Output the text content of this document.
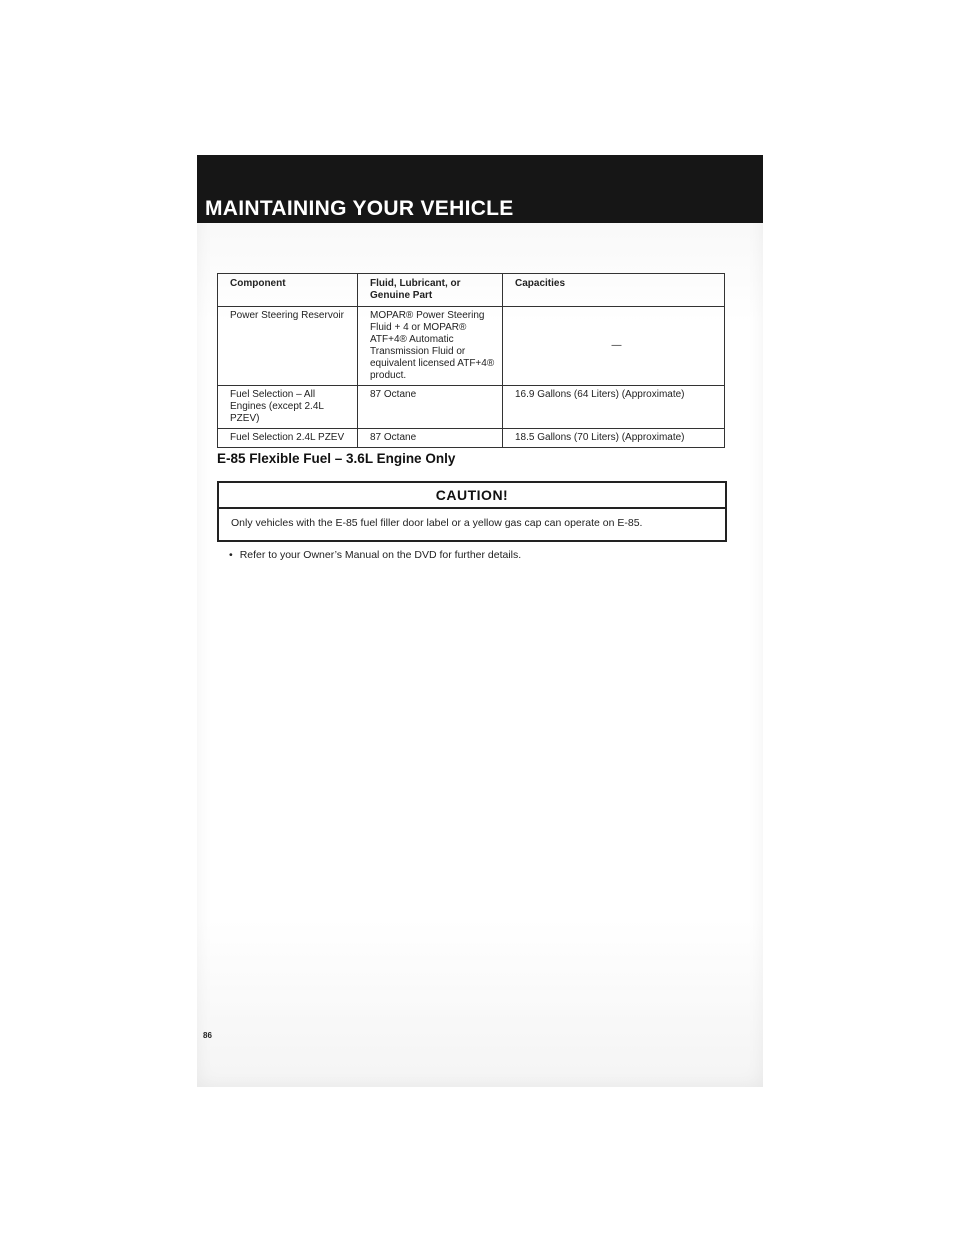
MAINTAINING YOUR VEHICLE
Component	Fluid, Lubricant, or Genuine Part	Capacities
Power Steering Reservoir	MOPAR® Power Steering Fluid + 4 or MOPAR® ATF+4® Automatic Transmission Fluid or equivalent licensed ATF+4® product.	—
Fuel Selection – All Engines (except 2.4L PZEV)	87 Octane	16.9 Gallons (64 Liters) (Approximate)
Fuel Selection 2.4L PZEV	87 Octane	18.5 Gallons (70 Liters) (Approximate)
E-85 Flexible Fuel – 3.6L Engine Only
CAUTION!
Only vehicles with the E-85 fuel filler door label or a yellow gas cap can operate on E-85.
• Refer to your Owner’s Manual on the DVD for further details.
86
